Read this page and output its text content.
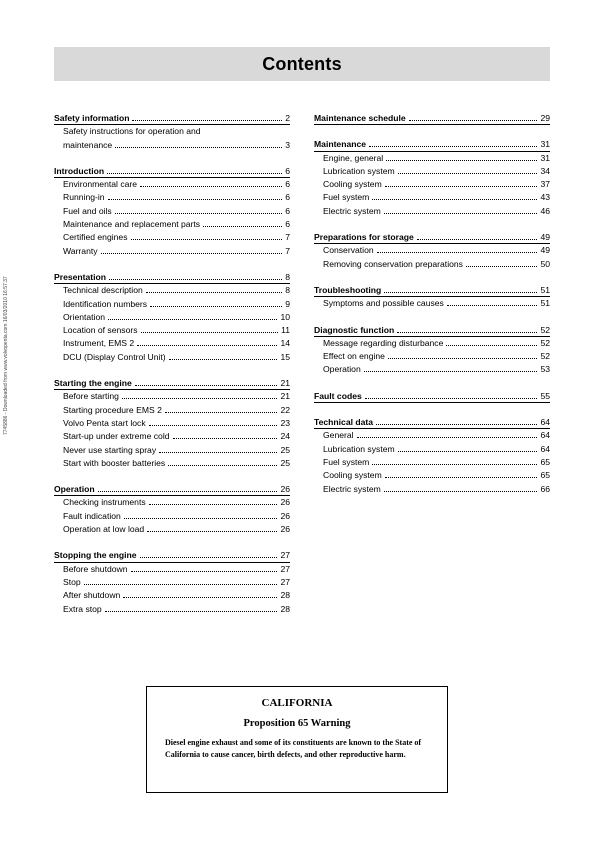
Contents
7745886 - Downloaded from www.volvopenta.com 16/03/2010 16:57:37
Safety information	2
Safety instructions for operation and
maintenance	3
Introduction	6
Environmental care	6
Running-in	6
Fuel and oils	6
Maintenance and replacement parts	6
Certified engines	7
Warranty	7
Presentation	8
Technical description	8
Identification numbers	9
Orientation	10
Location of sensors	11
Instrument, EMS 2	14
DCU (Display Control Unit)	15
Starting the engine	21
Before starting	21
Starting procedure EMS 2	22
Volvo Penta start lock	23
Start-up under extreme cold	24
Never use starting spray	25
Start with booster batteries	25
Operation	26
Checking instruments	26
Fault indication	26
Operation at low load	26
Stopping the engine	27
Before shutdown	27
Stop	27
After shutdown	28
Extra stop	28
Maintenance schedule	29
Maintenance	31
Engine, general	31
Lubrication system	34
Cooling system	37
Fuel system	43
Electric system	46
Preparations for storage	49
Conservation	49
Removing conservation preparations	50
Troubleshooting	51
Symptoms and possible causes	51
Diagnostic function	52
Message regarding disturbance	52
Effect on engine	52
Operation	53
Fault codes	55
Technical data	64
General	64
Lubrication system	64
Fuel system	65
Cooling system	65
Electric system	66
CALIFORNIA
Proposition 65 Warning
Diesel engine exhaust and some of its constituents are known to the State of California to cause cancer, birth defects, and other reproductive harm.
